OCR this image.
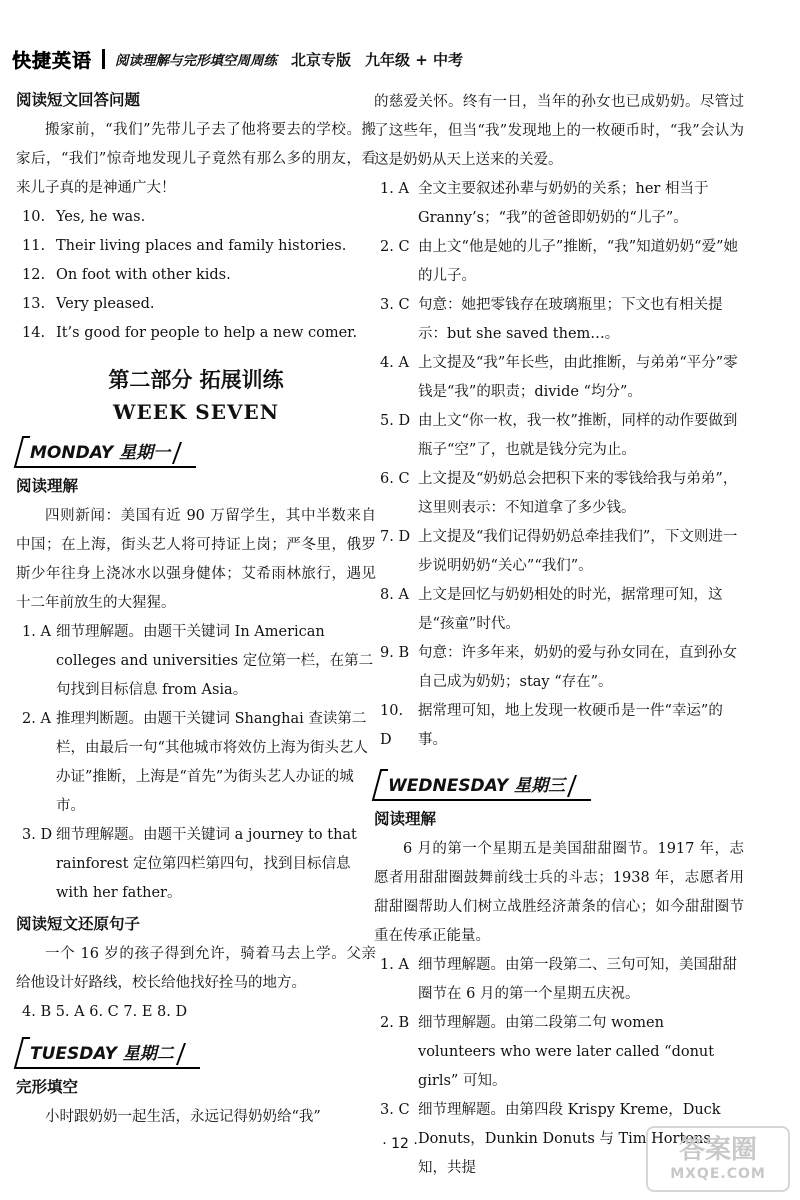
快捷英语 阅读理解与完形填空周周练 北京专版 九年级 + 中考
阅读短文回答问题

搬家前，“我们”先带儿子去了他将要去的学校。搬家后，“我们”惊奇地发现儿子竟然有那么多的朋友，看来儿子真的是神通广大！

10. Yes, he was.
11. Their living places and family histories.
12. On foot with other kids.
13. Very pleased.
14. It’s good for people to help a new comer.
第二部分 拓展训练
WEEK SEVEN
MONDAY 星期一
阅读理解

四则新闻：美国有近 90 万留学生，其中半数来自中国；在上海，街头艺人将可持证上岗；严冬里，俄罗斯少年往身上浇冰水以强身健体；艾希雨林旅行，遇见十二年前放生的大猩猩。

1. A 细节理解题。由题干关键词 In American colleges and universities 定位第一栏，在第二句找到目标信息 from Asia。
2. A 推理判断题。由题干关键词 Shanghai 查读第二栏，由最后一句“其他城市将效仿上海为街头艺人办证”推断，上海是“首先”为街头艺人办证的城市。
3. D 细节理解题。由题干关键词 a journey to that rainforest 定位第四栏第四句，找到目标信息 with her father。
阅读短文还原句子

一个 16 岁的孩子得到允许，骑着马去上学。父亲给他设计好路线，校长给他找好拴马的地方。

4. B 5. A 6. C 7. E 8. D
TUESDAY 星期二
完形填空

小时跟奶奶一起生活，永远记得奶奶给“我”

的慈爱关怀。终有一日，当年的孙女也已成奶奶。尽管过了这些年，但当“我”发现地上的一枚硬币时，“我”会认为这是奶奶从天上送来的关爱。

1. A 全文主要叙述孙辈与奶奶的关系；her 相当于 Granny’s；“我”的爸爸即奶奶的“儿子”。
2. C 由上文“他是她的儿子”推断，“我”知道奶奶“爱”她的儿子。
3. C 句意：她把零钱存在玻璃瓶里；下文也有相关提示：but she saved them…。
4. A 上文提及“我”年长些，由此推断，与弟弟“平分”零钱是“我”的职责；divide “均分”。
5. D 由上文“你一枚，我一枚”推断，同样的动作要做到瓶子“空”了，也就是钱分完为止。
6. C 上文提及“奶奶总会把积下来的零钱给我与弟弟”，这里则表示：不知道拿了多少钱。
7. D 上文提及“我们记得奶奶总牵挂我们”，下文则进一步说明奶奶“关心”“我们”。
8. A 上文是回忆与奶奶相处的时光，据常理可知，这是“孩童”时代。
9. B 句意：许多年来，奶奶的爱与孙女同在，直到孙女自己成为奶奶；stay “存在”。
10. D
据常理可知，地上发现一枚硬币是一件“幸运”的事。
WEDNESDAY 星期三
阅读理解

6 月的第一个星期五是美国甜甜圈节。1917 年，志愿者用甜甜圈鼓舞前线士兵的斗志；1938 年，志愿者用甜甜圈帮助人们树立战胜经济萧条的信心；如今甜甜圈节重在传承正能量。

1. A 细节理解题。由第一段第二、三句可知，美国甜甜圈节在 6 月的第一个星期五庆祝。
2. B 细节理解题。由第二段第二句 women volunteers who were later called “donut girls” 可知。
3. C 细节理解题。由第四段 Krispy Kreme，Duck Donuts，Dunkin Donuts 与 Tim Hortons 知，共提
· 12 ·	答案圈
MXQE.COM
